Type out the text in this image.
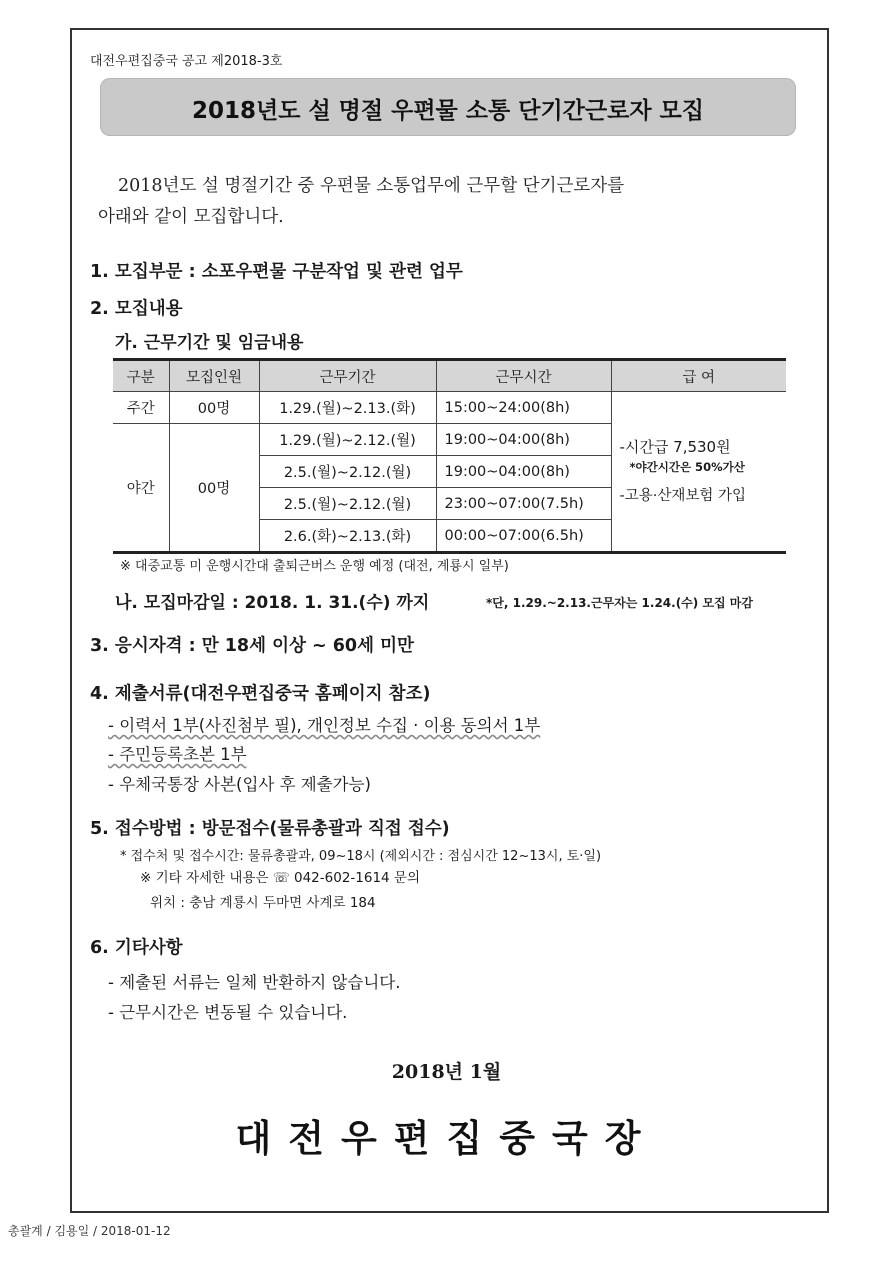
대전우편집중국 공고 제2018-3호
2018년도 설 명절 우편물 소통 단기간근로자 모집
2018년도 설 명절기간 중 우편물 소통업무에 근무할 단기근로자를
아래와 같이 모집합니다.
1. 모집부문 : 소포우편물 구분작업 및 관련 업무
2. 모집내용
가. 근무기간 및 임금내용
구분	모집인원	근무기간	근무시간	급 여
주간	00명	1.29.(월)~2.13.(화)	15:00~24:00(8h)	-시간급 7,530원
*야간시간은 50%가산
-고용·산재보험 가입

야간	00명	1.29.(월)~2.12.(월)	19:00~04:00(8h)	
		2.5.(월)~2.12.(월)	19:00~04:00(8h)	
		2.5.(월)~2.12.(월)	23:00~07:00(7.5h)	
		2.6.(화)~2.13.(화)	00:00~07:00(6.5h)	
※ 대중교통 미 운행시간대 출퇴근버스 운행 예정 (대전, 계룡시 일부)
나. 모집마감일 : 2018. 1. 31.(수) 까지	*단, 1.29.~2.13.근무자는 1.24.(수) 모집 마감
3. 응시자격 : 만 18세 이상 ~ 60세 미만
4. 제출서류(대전우편집중국 홈페이지 참조)
- 이력서 1부(사진첨부 필), 개인정보 수집 · 이용 동의서 1부
- 주민등록초본 1부
- 우체국통장 사본(입사 후 제출가능)
5. 접수방법 : 방문접수(물류총괄과 직접 접수)
* 접수처 및 접수시간: 물류총괄과, 09~18시 (제외시간 : 점심시간 12~13시, 토·일)
※ 기타 자세한 내용은 ☏ 042-602-1614 문의
위치 : 충남 계룡시 두마면 사계로 184
6. 기타사항
- 제출된 서류는 일체 반환하지 않습니다.
- 근무시간은 변동될 수 있습니다.
2018년 1월
대전우편집중국장
총괄계 / 김용일 / 2018-01-12
